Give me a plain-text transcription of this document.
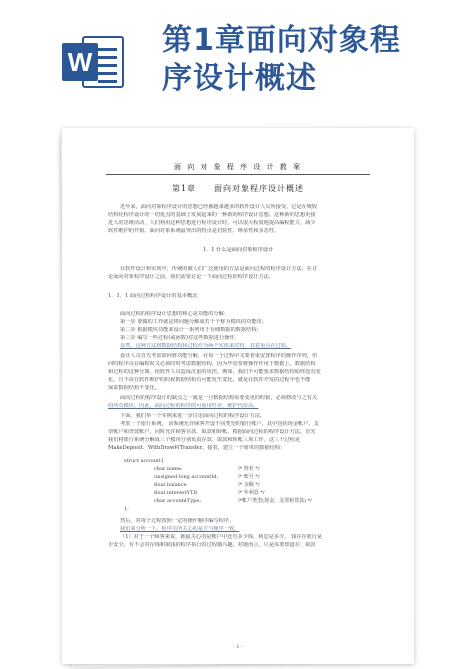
W
第1章面向对象程
序设计概述
面 向 对 象 程 序 设 计 教 案
第1章　　面向对象程序设计概述
近年来，面向对象程序设计的思想已经被越来越多的软件设计人员所接受。它是在吸收
结构化程序设计的一切优点的基础上发展起来的一种新的程序设计思想。这种新的思想更接
近人的思维活动，人们利用这种思想进行程序设计时，可以很大程度地提高编程能力，减少
软件维护的开销。面向对象系统最突出的特点是封装性、继承性和多态性。
1．1 什么是面向对象程序设计
在软件设计和实现中，传统的被人们广泛使用的方法是面向过程的程序设计方法。在讨
论面向对象程序设计之前，我们需要讨论一下面向过程的程序设计方法。
1．1．1 面向过程程序设计的基本概念
面向过程的程序设计思想的核心是功能的分解：
第一步 要做的工作就是将问题分解成若干个称为模块的功能块；
第二步 根据模块功能来设计一系列用于存储数据的数据结构；
第三步 编写一些过程(或函数)对这些数据进行操作。
显然，这种方法将数据结构和过程作为两个实体来对待，其着重点在过程。
设计人员首先考虑如何将功能分解，在每一个过程中又要着重安排程序的操作序列，但
同时程序员在编程时又必须时时考虑数据结构。因为毕竟要将操作作用于数据上。数据结构
和过程的这种分离，给软件人员造成沉重的负担。例如，我们不可能要求数据结构始终没有变
化，且不说在软件维护的时候数据结构有可能发生变化，就是在软件开发的过程中也不能
保证数据结构不变化。
面向过程的程序设计的缺点之一就是一旦数据结构需要变更的时候，必须修改与之有关
的所有模块。因此，面向过程的程序的可重用性差，维护代价高。
下面，我们举一个实例来进一步讨论面向过程的程序设计方法。
考虑一个银行系统。 该系统允许顾客开设不同类型的银行帐户，其中包括现金帐户、支
票帐户和贷款帐户，同时允许顾客存款、取款和转帐。根据面向过程的程序设计方法，首先
我们将银行系统分解成三个模块分别负责存款、取款和转帐三项工作。这三个过程是
MakeDeposit、WithDraw和Transfer。接着，建立一个简单的数据结构：
struct account{
char name;	/* 姓名 */
unsigned long accountId;	/* 账号 */
float balance	/* 余额 */
float interestYTD	/* 年利息 */
char accountType;	/*帐户类型(现金、支票和贷款) */
};
然后，对每个过程按照一定的操作顺序编写程序。
我们来分析一下，程序员所关心的是方与顺序一致。
（1）对于一个顾客来说，她最关心的是帐户中还有多少钱，利息是多少。 钱存在银行是
否安全，有不会对存钱和取钱的程序执行的过程感兴趣。对她而言，只是需要知道存、取款
- 1 -
